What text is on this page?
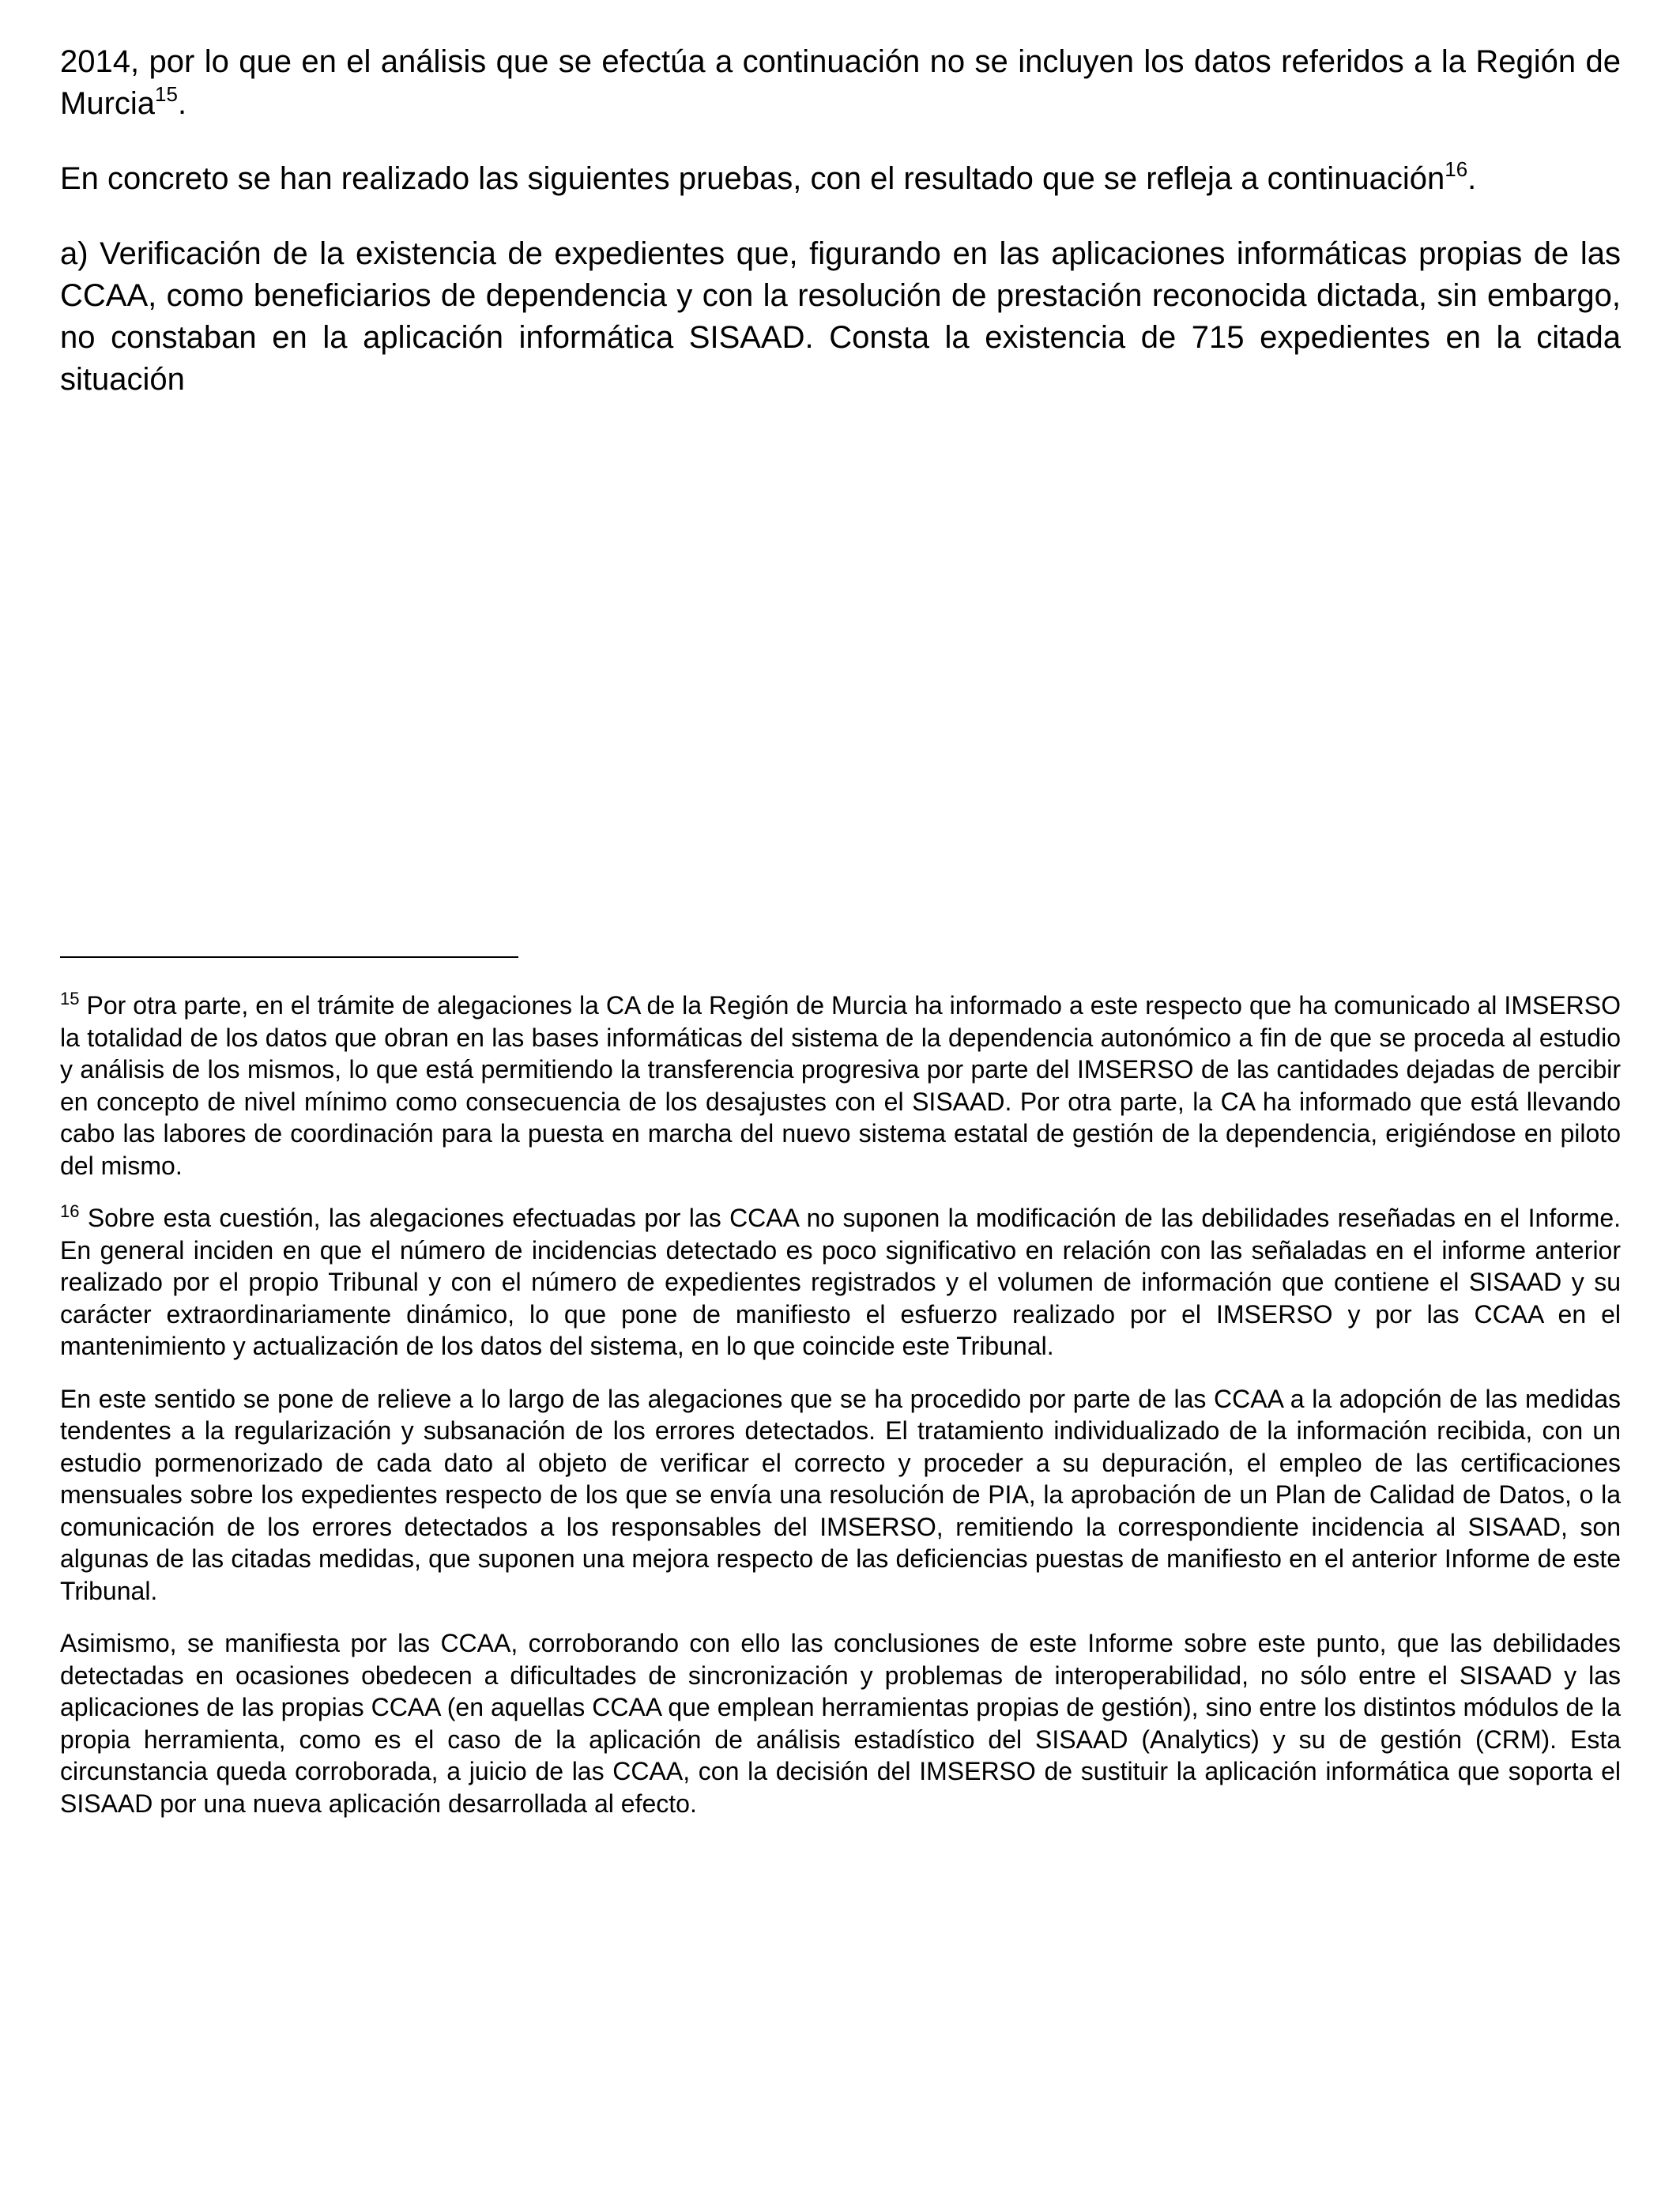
2014, por lo que en el análisis que se efectúa a continuación no se incluyen los datos referidos a la Región de Murcia$^{15}$.

En concreto se han realizado las siguientes pruebas, con el resultado que se refleja a continuación$^{16}$.

a) Verificación de la existencia de expedientes que, figurando en las aplicaciones informáticas propias de las CCAA, como beneficiarios de dependencia y con la resolución de prestación reconocida dictada, sin embargo, no constaban en la aplicación informática SISAAD. Consta la existencia de 715 expedientes en la citada situación

$^{15}$ Por otra parte, en el trámite de alegaciones la CA de la Región de Murcia ha informado a este respecto que ha comunicado al IMSERSO la totalidad de los datos que obran en las bases informáticas del sistema de la dependencia autonómico a fin de que se proceda al estudio y análisis de los mismos, lo que está permitiendo la transferencia progresiva por parte del IMSERSO de las cantidades dejadas de percibir en concepto de nivel mínimo como consecuencia de los desajustes con el SISAAD. Por otra parte, la CA ha informado que está llevando cabo las labores de coordinación para la puesta en marcha del nuevo sistema estatal de gestión de la dependencia, erigiéndose en piloto del mismo.

$^{16}$ Sobre esta cuestión, las alegaciones efectuadas por las CCAA no suponen la modificación de las debilidades reseñadas en el Informe. En general inciden en que el número de incidencias detectado es poco significativo en relación con las señaladas en el informe anterior realizado por el propio Tribunal y con el número de expedientes registrados y el volumen de información que contiene el SISAAD y su carácter extraordinariamente dinámico, lo que pone de manifiesto el esfuerzo realizado por el IMSERSO y por las CCAA en el mantenimiento y actualización de los datos del sistema, en lo que coincide este Tribunal.

En este sentido se pone de relieve a lo largo de las alegaciones que se ha procedido por parte de las CCAA a la adopción de las medidas tendentes a la regularización y subsanación de los errores detectados. El tratamiento individualizado de la información recibida, con un estudio pormenorizado de cada dato al objeto de verificar el correcto y proceder a su depuración, el empleo de las certificaciones mensuales sobre los expedientes respecto de los que se envía una resolución de PIA, la aprobación de un Plan de Calidad de Datos, o la comunicación de los errores detectados a los responsables del IMSERSO, remitiendo la correspondiente incidencia al SISAAD, son algunas de las citadas medidas, que suponen una mejora respecto de las deficiencias puestas de manifiesto en el anterior Informe de este Tribunal.

Asimismo, se manifiesta por las CCAA, corroborando con ello las conclusiones de este Informe sobre este punto, que las debilidades detectadas en ocasiones obedecen a dificultades de sincronización y problemas de interoperabilidad, no sólo entre el SISAAD y las aplicaciones de las propias CCAA (en aquellas CCAA que emplean herramientas propias de gestión), sino entre los distintos módulos de la propia herramienta, como es el caso de la aplicación de análisis estadístico del SISAAD (Analytics) y su de gestión (CRM). Esta circunstancia queda corroborada, a juicio de las CCAA, con la decisión del IMSERSO de sustituir la aplicación informática que soporta el SISAAD por una nueva aplicación desarrollada al efecto.
